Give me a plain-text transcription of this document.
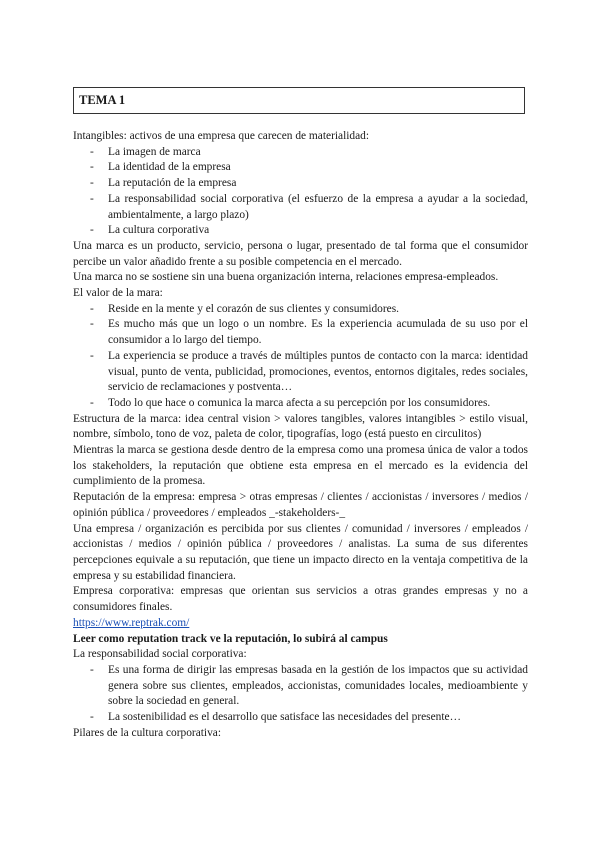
TEMA 1

Intangibles: activos de una empresa que carecen de materialidad:

- La imagen de marca
- La identidad de la empresa
- La reputación de la empresa
- La responsabilidad social corporativa (el esfuerzo de la empresa a ayudar a la sociedad, ambientalmente, a largo plazo)
- La cultura corporativa

Una marca es un producto, servicio, persona o lugar, presentado de tal forma que el consumidor percibe un valor añadido frente a su posible competencia en el mercado.

Una marca no se sostiene sin una buena organización interna, relaciones empresa-empleados.

El valor de la mara:

- Reside en la mente y el corazón de sus clientes y consumidores.
- Es mucho más que un logo o un nombre. Es la experiencia acumulada de su uso por el consumidor a lo largo del tiempo.
- La experiencia se produce a través de múltiples puntos de contacto con la marca: identidad visual, punto de venta, publicidad, promociones, eventos, entornos digitales, redes sociales, servicio de reclamaciones y postventa…
- Todo lo que hace o comunica la marca afecta a su percepción por los consumidores.

Estructura de la marca: idea central vision > valores tangibles, valores intangibles > estilo visual, nombre, símbolo, tono de voz, paleta de color, tipografías, logo (está puesto en circulitos)

Mientras la marca se gestiona desde dentro de la empresa como una promesa única de valor a todos los stakeholders, la reputación que obtiene esta empresa en el mercado es la evidencia del cumplimiento de la promesa.

Reputación de la empresa: empresa > otras empresas / clientes / accionistas / inversores / medios / opinión pública / proveedores / empleados _-stakeholders-_

Una empresa / organización es percibida por sus clientes / comunidad / inversores / empleados / accionistas / medios / opinión pública / proveedores / analistas. La suma de sus diferentes percepciones equivale a su reputación, que tiene un impacto directo en la ventaja competitiva de la empresa y su estabilidad financiera.

Empresa corporativa: empresas que orientan sus servicios a otras grandes empresas y no a consumidores finales.

https://www.reptrak.com/

Leer como reputation track ve la reputación, lo subirá al campus

La responsabilidad social corporativa:

- Es una forma de dirigir las empresas basada en la gestión de los impactos que su actividad genera sobre sus clientes, empleados, accionistas, comunidades locales, medioambiente y sobre la sociedad en general.
- La sostenibilidad es el desarrollo que satisface las necesidades del presente…

Pilares de la cultura corporativa:
